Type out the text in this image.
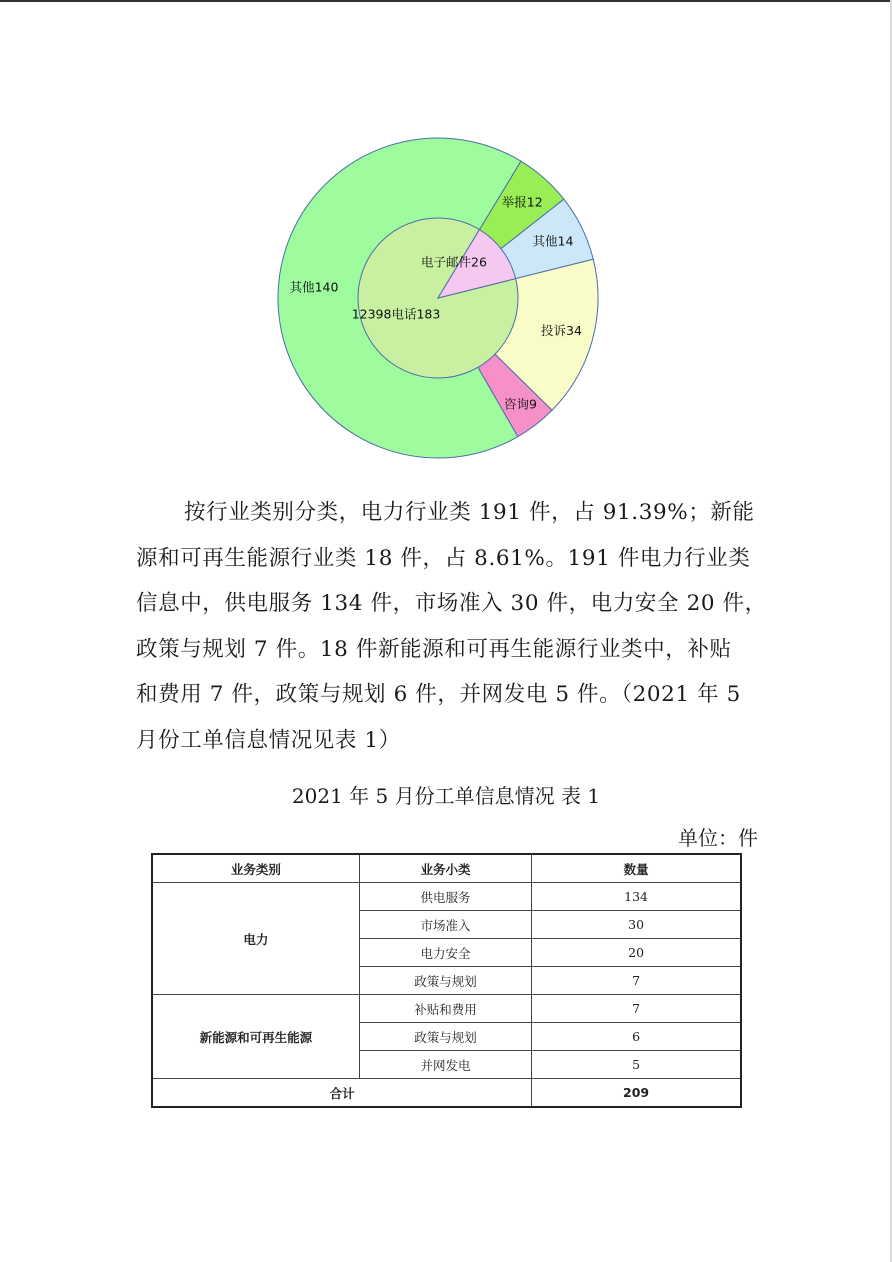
举报12
其他14
投诉34
咨询9
其他140
电子邮件26
12398电话183
按行业类别分类，电力行业类 191 件，占 91.39%；新能
源和可再生能源行业类 18 件，占 8.61%。191 件电力行业类
信息中，供电服务 134 件，市场准入 30 件，电力安全 20 件，
政策与规划 7 件。18 件新能源和可再生能源行业类中，补贴
和费用 7 件，政策与规划 6 件，并网发电 5 件。（2021 年 5
月份工单信息情况见表 1）
2021 年 5 月份工单信息情况 表 1
单位：件
业务类别	业务小类	数量
电力	供电服务	134
	市场准入	30
	电力安全	20
	政策与规划	7
新能源和可再生能源	补贴和费用	7
	政策与规划	6
	并网发电	5
合计		209
